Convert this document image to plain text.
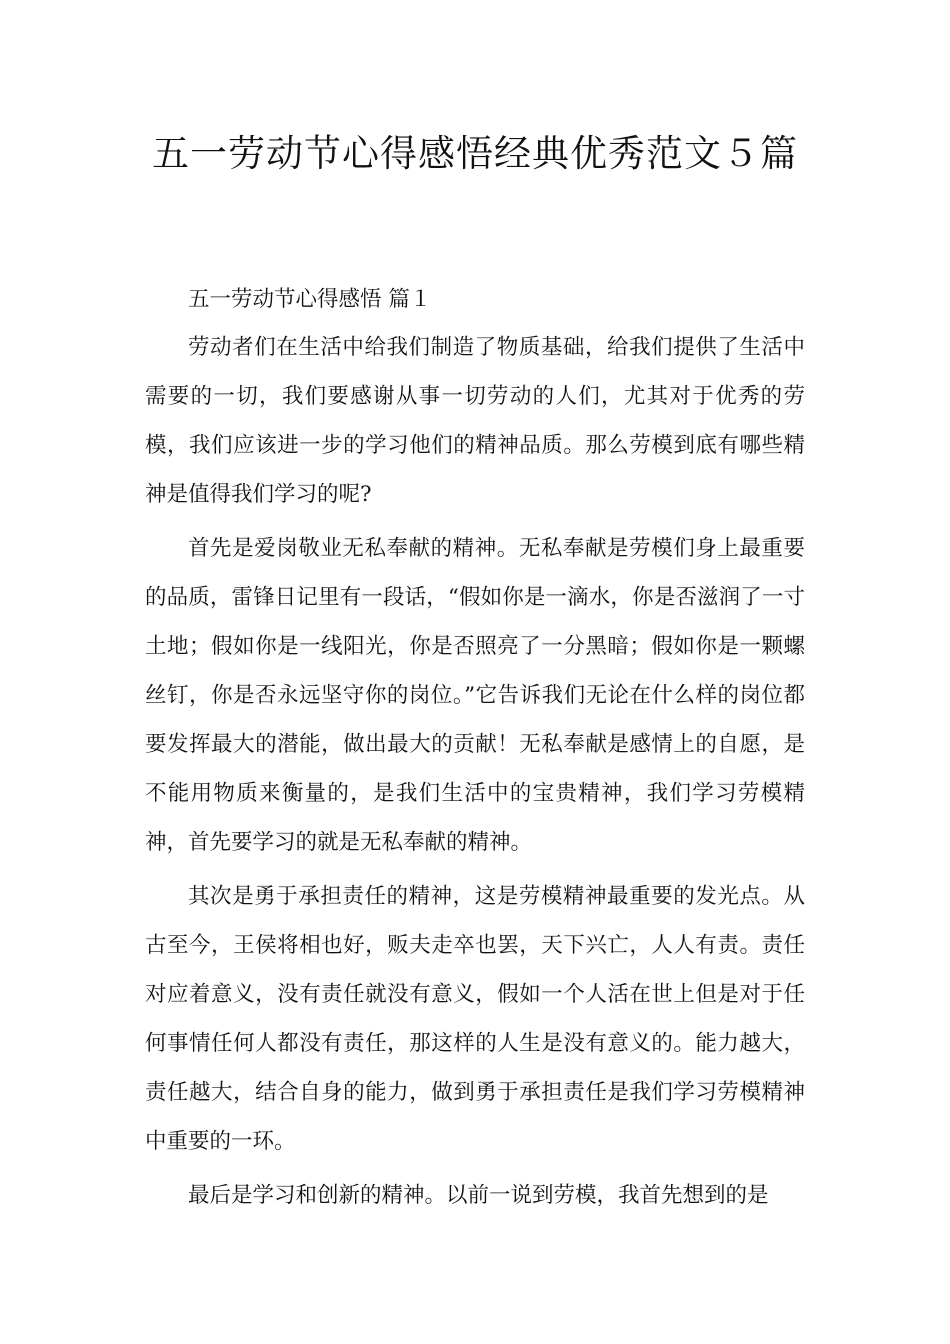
五一劳动节心得感悟经典优秀范文５篇

五一劳动节心得感悟 篇１

劳动者们在生活中给我们制造了物质基础，给我们提供了生活中需要的一切，我们要感谢从事一切劳动的人们，尤其对于优秀的劳模，我们应该进一步的学习他们的精神品质。那么劳模到底有哪些精神是值得我们学习的呢?

首先是爱岗敬业无私奉献的精神。无私奉献是劳模们身上最重要的品质，雷锋日记里有一段话，“假如你是一滴水，你是否滋润了一寸土地；假如你是一线阳光，你是否照亮了一分黑暗；假如你是一颗螺丝钉，你是否永远坚守你的岗位。”它告诉我们无论在什么样的岗位都要发挥最大的潜能，做出最大的贡献！无私奉献是感情上的自愿，是不能用物质来衡量的，是我们生活中的宝贵精神，我们学习劳模精神，首先要学习的就是无私奉献的精神。

其次是勇于承担责任的精神，这是劳模精神最重要的发光点。从古至今，王侯将相也好，贩夫走卒也罢，天下兴亡，人人有责。责任对应着意义，没有责任就没有意义，假如一个人活在世上但是对于任何事情任何人都没有责任，那这样的人生是没有意义的。能力越大，责任越大，结合自身的能力，做到勇于承担责任是我们学习劳模精神中重要的一环。

最后是学习和创新的精神。以前一说到劳模，我首先想到的是
